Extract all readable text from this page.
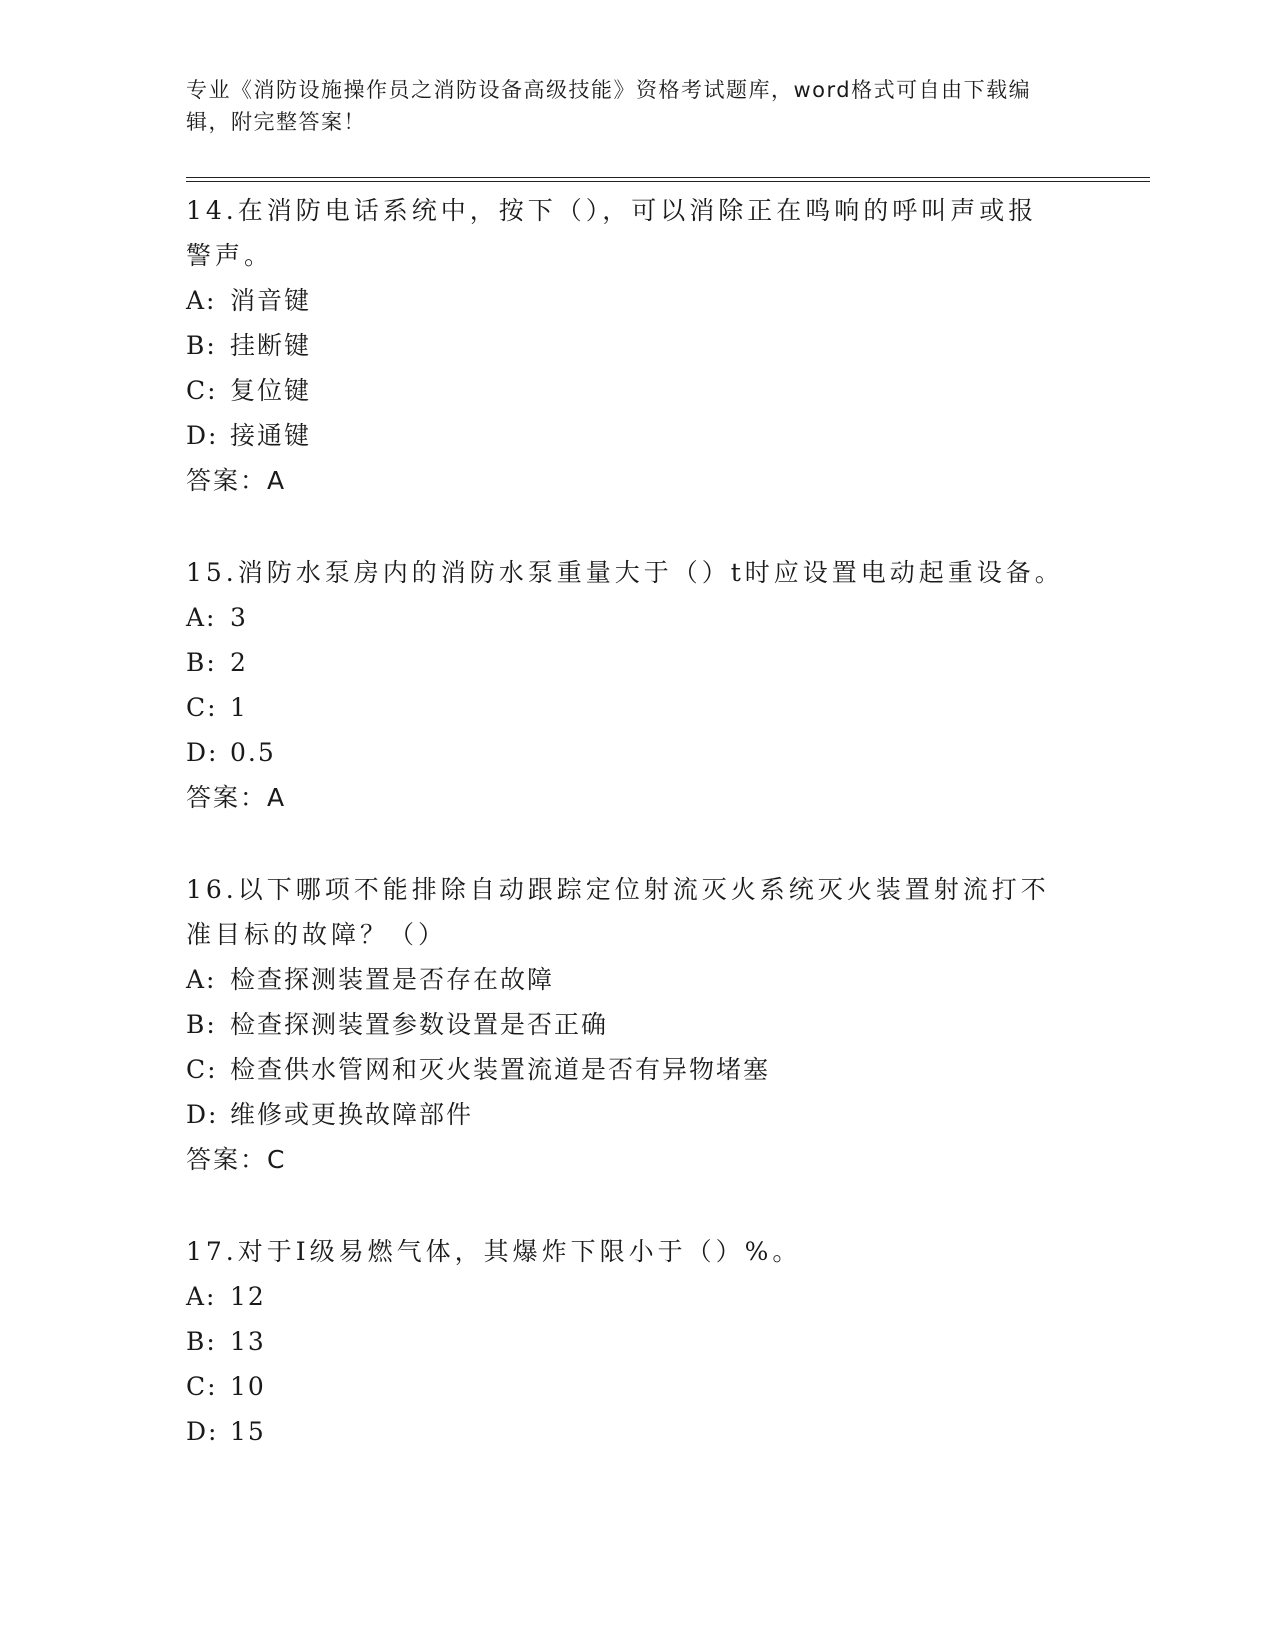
专业《消防设施操作员之消防设备高级技能》资格考试题库，word格式可自由下载编辑，附完整答案！

14.在消防电话系统中，按下（），可以消除正在鸣响的呼叫声或报警声。

A: 消音键

B: 挂断键

C: 复位键

D: 接通键

答案：A

15.消防水泵房内的消防水泵重量大于（）t时应设置电动起重设备。

A: 3

B: 2

C: 1

D: 0.5

答案：A

16.以下哪项不能排除自动跟踪定位射流灭火系统灭火装置射流打不准目标的故障？（）

A: 检查探测装置是否存在故障

B: 检查探测装置参数设置是否正确

C: 检查供水管网和灭火装置流道是否有异物堵塞

D: 维修或更换故障部件

答案：C

17.对于Ⅰ级易燃气体，其爆炸下限小于（）%。

A: 12

B: 13

C: 10

D: 15
